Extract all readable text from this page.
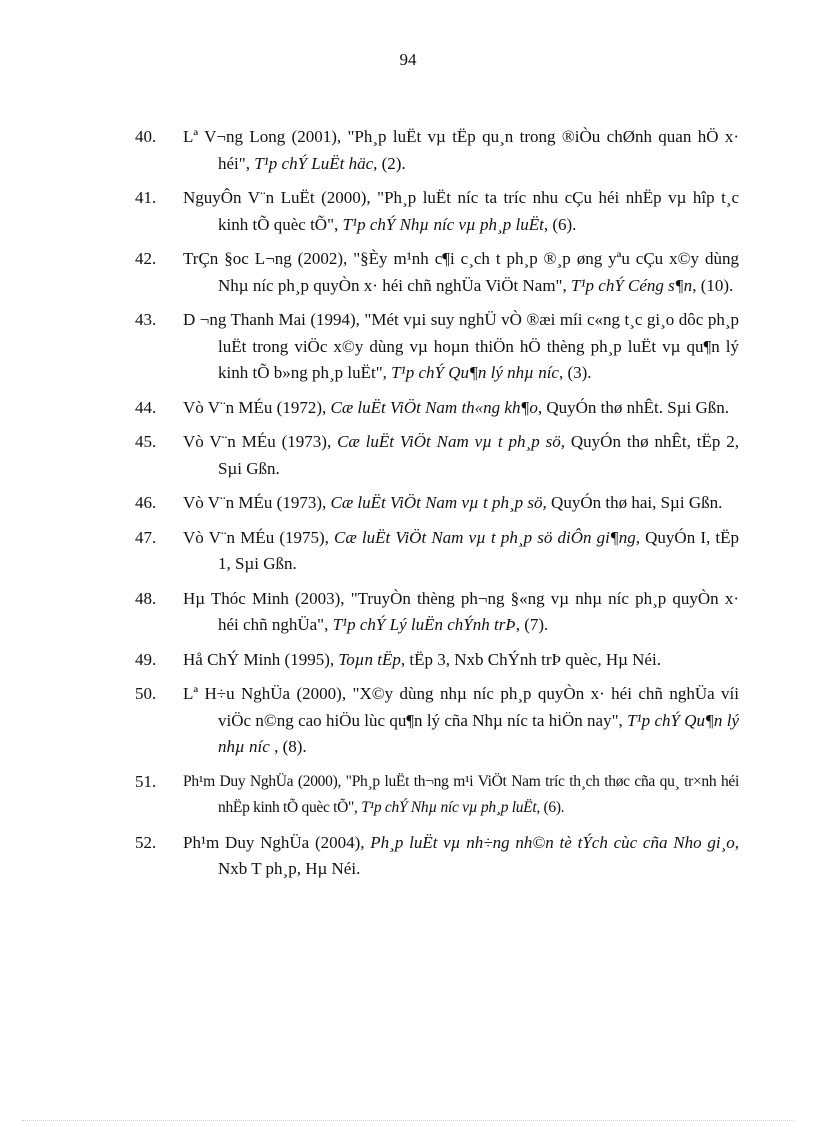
94
40. Lª V¬ng Long (2001), "Ph¸p luËt vµ tËp qu¸n trong ®iÒu chØnh quan hÖ x· héi", T¹p chÝ LuËt häc, (2).
41. NguyÔn V¨n LuËt (2000), "Ph¸p luËt níc ta tríc nhu cÇu héi nhËp vµ hîp t¸c kinh tÕ quèc tÕ", T¹p chÝ Nhµ níc vµ ph¸p luËt, (6).
42. TrÇn §oc L¬ng (2002), "§Èy m¹nh c¶i c¸ch t ph¸p ®¸p øng yªu cÇu x©y dùng Nhµ níc ph¸p quyÒn x· héi chñ nghÜa ViÖt Nam", T¹p chÝ Céng s¶n, (10).
43. D ¬ng Thanh Mai (1994), "Mét vµi suy nghÜ vÒ ®æi míi c«ng t¸c gi¸o dôc ph¸p luËt trong viÖc x©y dùng vµ hoµn thiÖn hÖ thèng ph¸p luËt vµ qu¶n lý kinh tÕ b»ng ph¸p luËt", T¹p chÝ Qu¶n lý nhµ níc, (3).
44. Vò V¨n MÉu (1972), Cæ luËt ViÖt Nam th«ng kh¶o, QuyÓn thø nhÊt. Sµi Gßn.
45. Vò V¨n MÉu (1973), Cæ luËt ViÖt Nam vµ t ph¸p sö, QuyÓn thø nhÊt, tËp 2, Sµi Gßn.
46. Vò V¨n MÉu (1973), Cæ luËt ViÖt Nam vµ t ph¸p sö, QuyÓn thø hai, Sµi Gßn.
47. Vò V¨n MÉu (1975), Cæ luËt ViÖt Nam vµ t ph¸p sö diÔn gi¶ng, QuyÓn I, tËp 1, Sµi Gßn.
48. Hµ Thóc Minh (2003), "TruyÒn thèng ph¬ng §«ng vµ nhµ níc ph¸p quyÒn x· héi chñ nghÜa", T¹p chÝ Lý luËn chÝnh trÞ, (7).
49. Hå ChÝ Minh (1995), Toµn tËp, tËp 3, Nxb ChÝnh trÞ quèc, Hµ Néi.
50. Lª H÷u NghÜa (2000), "X©y dùng nhµ níc ph¸p quyÒn x· héi chñ nghÜa víi viÖc n©ng cao hiÖu lùc qu¶n lý cña Nhµ níc ta hiÖn nay", T¹p chÝ Qu¶n lý nhµ níc , (8).
51. Ph¹m Duy NghÜa (2000), "Ph¸p luËt th¬ng m¹i ViÖt Nam tríc th¸ch thøc cña qu¸ tr×nh héi nhËp kinh tÕ quèc tÕ", T¹p chÝ Nhµ níc vµ ph¸p luËt, (6).
52. Ph¹m Duy NghÜa (2004), Ph¸p luËt vµ nh÷ng nh©n tè tÝch cùc cña Nho gi¸o, Nxb T ph¸p, Hµ Néi.
